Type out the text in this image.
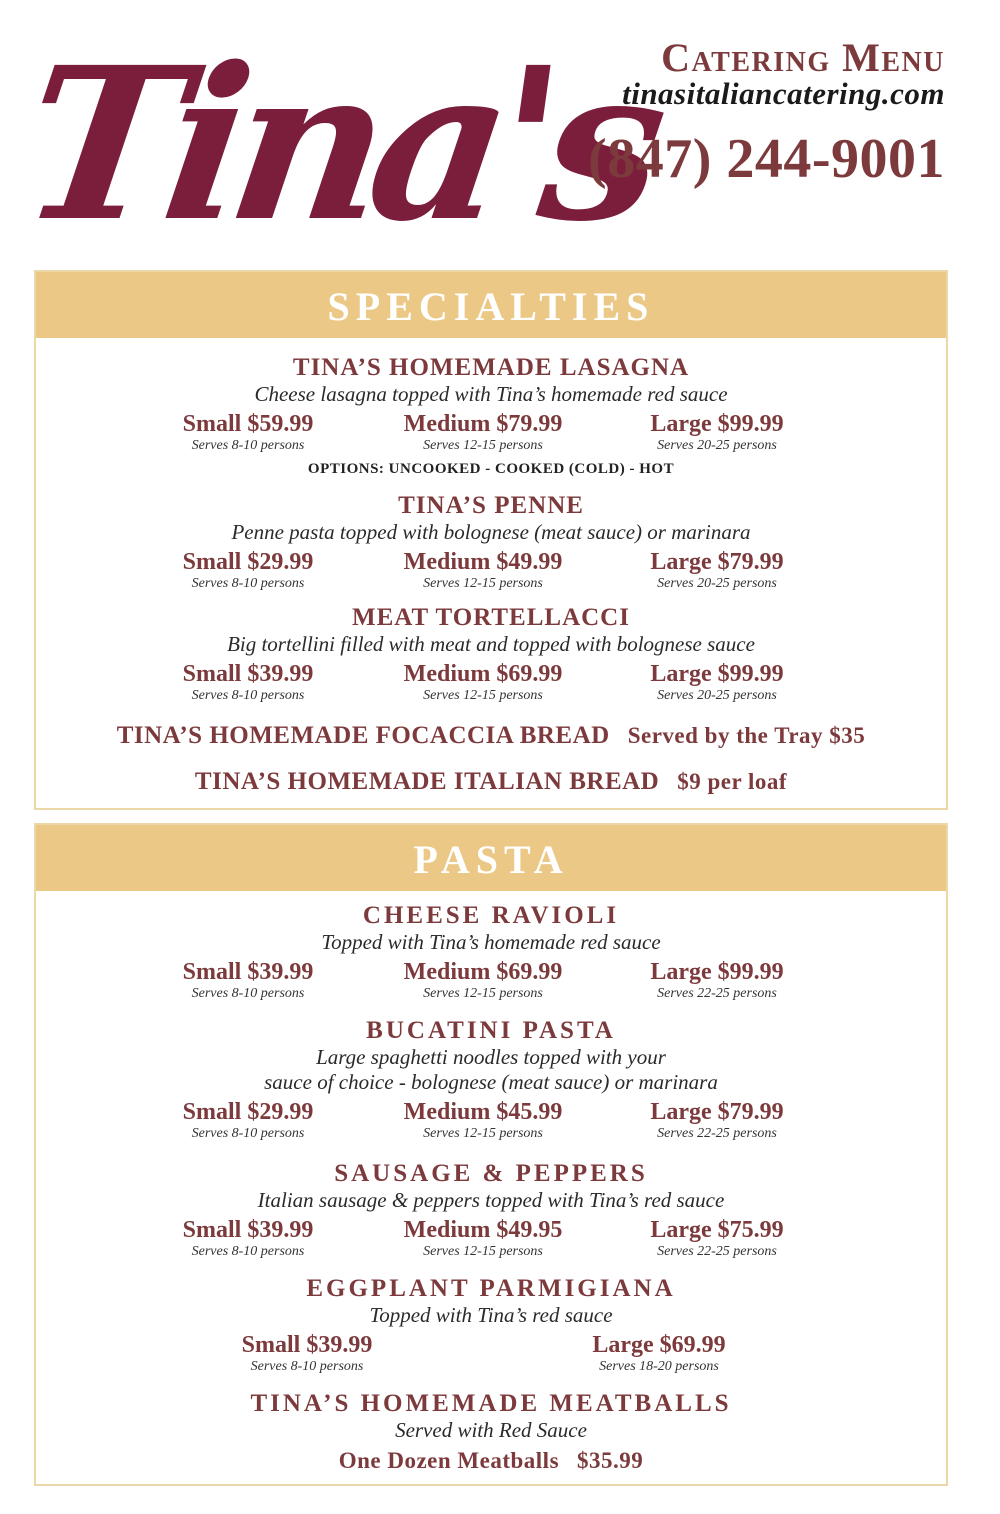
Tina's
Catering Menu
tinasitaliancatering.com
(847) 244-9001
SPECIALTIES
TINA’S HOMEMADE LASAGNA
Cheese lasagna topped with Tina’s homemade red sauce
Small $59.99
Serves 8-10 persons
Medium $79.99
Serves 12-15 persons
Large $99.99
Serves 20-25 persons
OPTIONS: UNCOOKED - COOKED (COLD) - HOT
TINA’S PENNE
Penne pasta topped with bolognese (meat sauce) or marinara
Small $29.99
Serves 8-10 persons
Medium $49.99
Serves 12-15 persons
Large $79.99
Serves 20-25 persons
MEAT TORTELLACCI
Big tortellini filled with meat and topped with bolognese sauce
Small $39.99
Serves 8-10 persons
Medium $69.99
Serves 12-15 persons
Large $99.99
Serves 20-25 persons
TINA’S HOMEMADE FOCACCIA BREAD Served by the Tray $35
TINA’S HOMEMADE ITALIAN BREAD $9 per loaf
PASTA
CHEESE RAVIOLI
Topped with Tina’s homemade red sauce
Small $39.99
Serves 8-10 persons
Medium $69.99
Serves 12-15 persons
Large $99.99
Serves 22-25 persons
BUCATINI PASTA
Large spaghetti noodles topped with your
sauce of choice - bolognese (meat sauce) or marinara
Small $29.99
Serves 8-10 persons
Medium $45.99
Serves 12-15 persons
Large $79.99
Serves 22-25 persons
SAUSAGE & PEPPERS
Italian sausage & peppers topped with Tina’s red sauce
Small $39.99
Serves 8-10 persons
Medium $49.95
Serves 12-15 persons
Large $75.99
Serves 22-25 persons
EGGPLANT PARMIGIANA
Topped with Tina’s red sauce
Small $39.99
Serves 8-10 persons
Large $69.99
Serves 18-20 persons
TINA’S HOMEMADE MEATBALLS
Served with Red Sauce
One Dozen Meatballs $35.99
